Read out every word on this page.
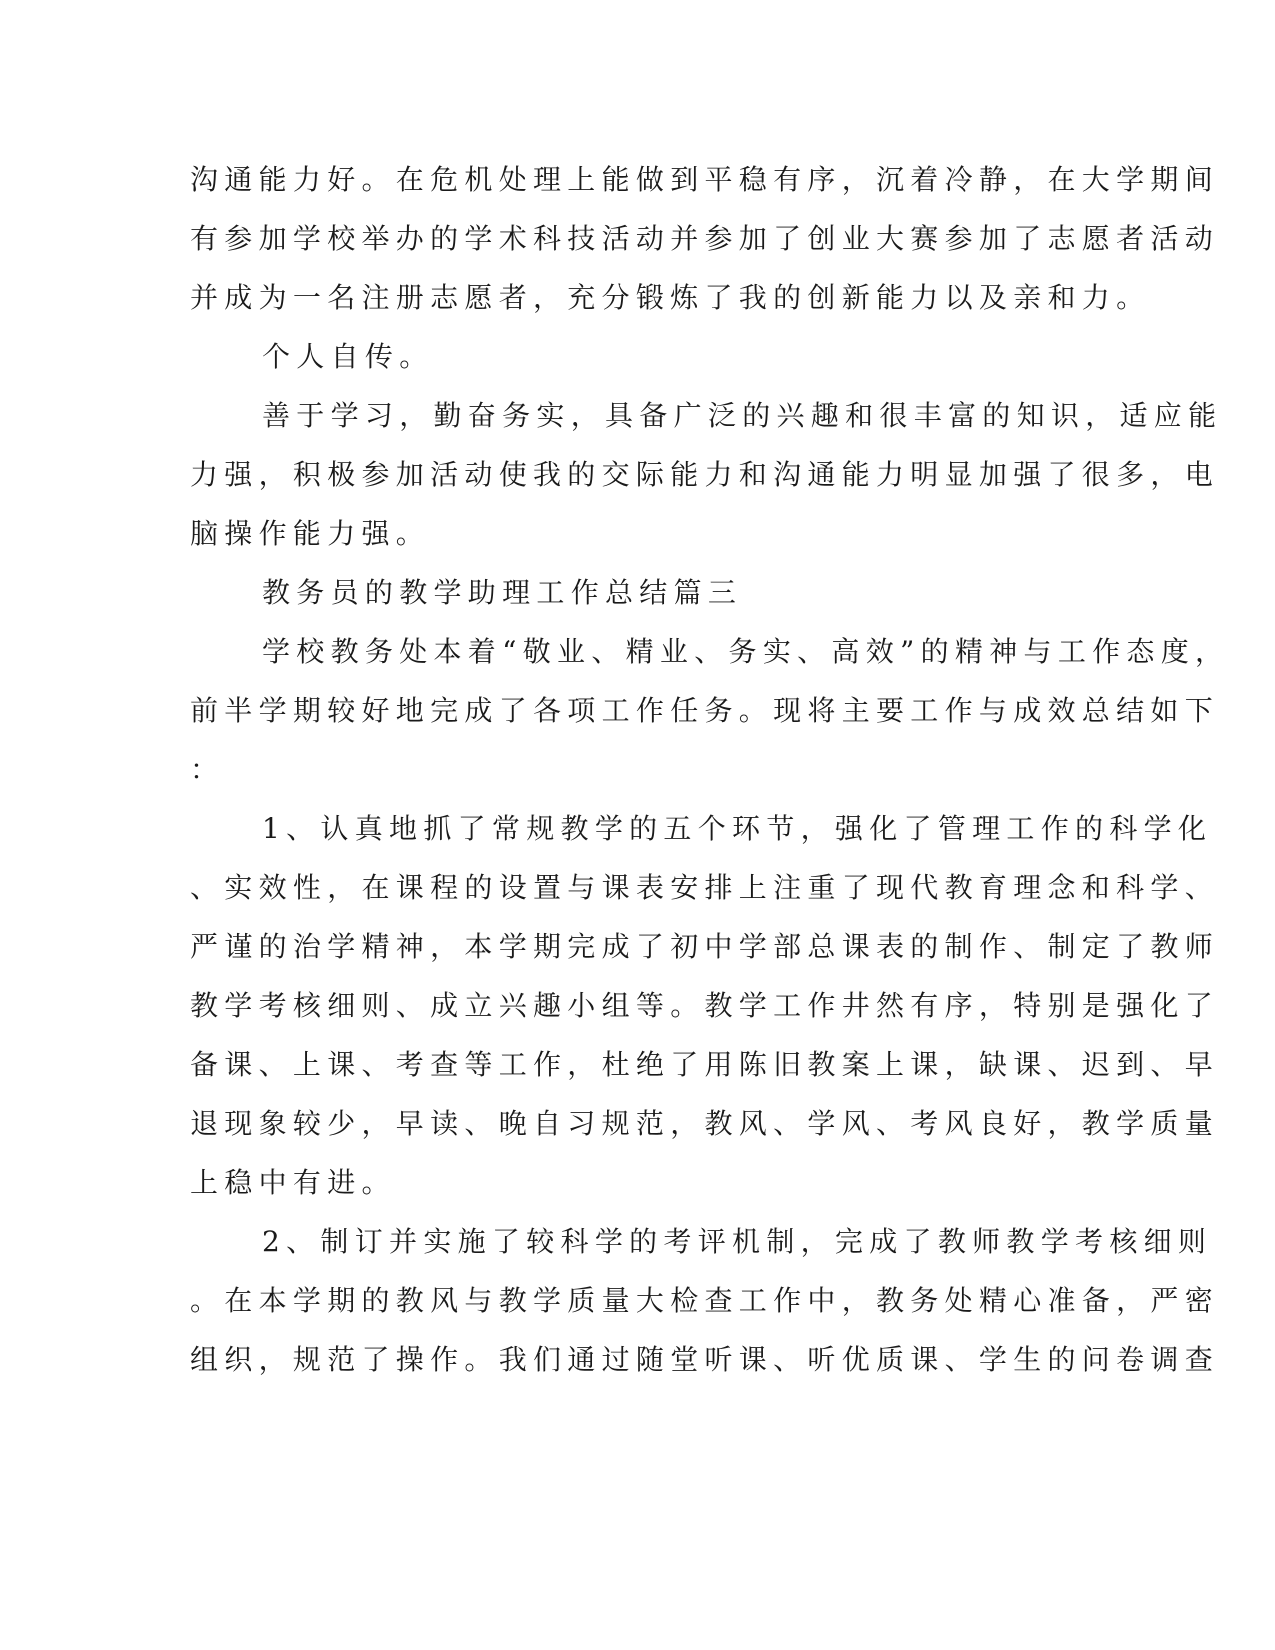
沟通能力好。在危机处理上能做到平稳有序，沉着冷静，在大学期间
有参加学校举办的学术科技活动并参加了创业大赛参加了志愿者活动
并成为一名注册志愿者，充分锻炼了我的创新能力以及亲和力。
个人自传。
善于学习，勤奋务实，具备广泛的兴趣和很丰富的知识，适应能
力强，积极参加活动使我的交际能力和沟通能力明显加强了很多，电
脑操作能力强。
教务员的教学助理工作总结篇三
学校教务处本着“敬业、精业、务实、高效”的精神与工作态度，
前半学期较好地完成了各项工作任务。现将主要工作与成效总结如下
：
1、认真地抓了常规教学的五个环节，强化了管理工作的科学化
、实效性，在课程的设置与课表安排上注重了现代教育理念和科学、
严谨的治学精神，本学期完成了初中学部总课表的制作、制定了教师
教学考核细则、成立兴趣小组等。教学工作井然有序，特别是强化了
备课、上课、考查等工作，杜绝了用陈旧教案上课，缺课、迟到、早
退现象较少，早读、晚自习规范，教风、学风、考风良好，教学质量
上稳中有进。
2、制订并实施了较科学的考评机制，完成了教师教学考核细则
。在本学期的教风与教学质量大检查工作中，教务处精心准备，严密
组织，规范了操作。我们通过随堂听课、听优质课、学生的问卷调查
